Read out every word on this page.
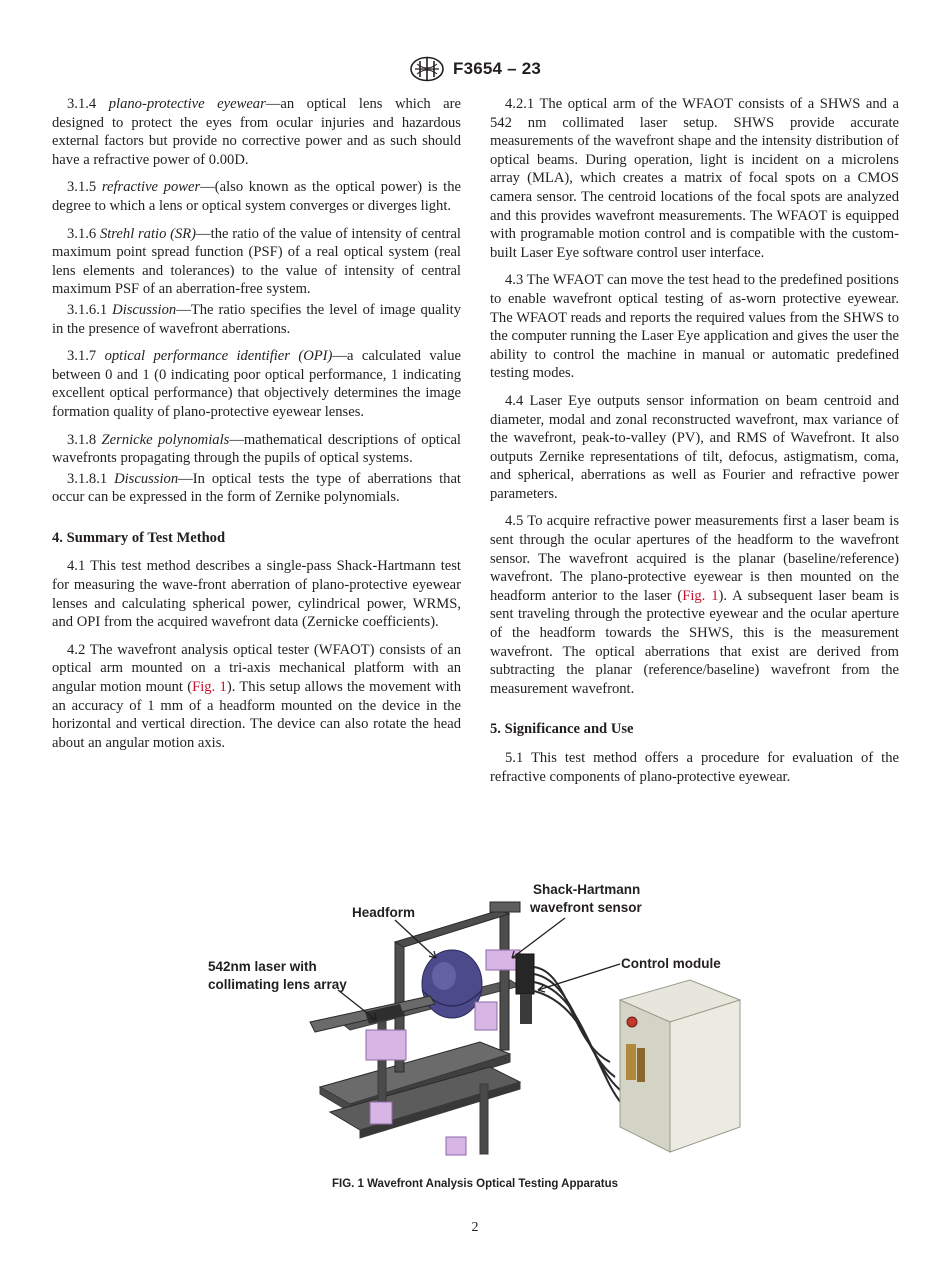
F3654 – 23

3.1.4 plano-protective eyewear—an optical lens which are designed to protect the eyes from ocular injuries and hazardous external factors but provide no corrective power and as such should have a refractive power of 0.00D.

3.1.5 refractive power—(also known as the optical power) is the degree to which a lens or optical system converges or diverges light.

3.1.6 Strehl ratio (SR)—the ratio of the value of intensity of central maximum point spread function (PSF) of a real optical system (real lens elements and tolerances) to the value of intensity of central maximum PSF of an aberration-free system.

3.1.6.1 Discussion—The ratio specifies the level of image quality in the presence of wavefront aberrations.

3.1.7 optical performance identifier (OPI)—a calculated value between 0 and 1 (0 indicating poor optical performance, 1 indicating excellent optical performance) that objectively determines the image formation quality of plano-protective eyewear lenses.

3.1.8 Zernicke polynomials—mathematical descriptions of optical wavefronts propagating through the pupils of optical systems.

3.1.8.1 Discussion—In optical tests the type of aberrations that occur can be expressed in the form of Zernike polynomials.

4. Summary of Test Method

4.1 This test method describes a single-pass Shack-Hartmann test for measuring the wave-front aberration of plano-protective eyewear lenses and calculating spherical power, cylindrical power, WRMS, and OPI from the acquired wavefront data (Zernicke coefficients).

4.2 The wavefront analysis optical tester (WFAOT) consists of an optical arm mounted on a tri-axis mechanical platform with an angular motion mount (Fig. 1). This setup allows the movement with an accuracy of 1 mm of a headform mounted on the device in the horizontal and vertical direction. The device can also rotate the head about an angular motion axis.

4.2.1 The optical arm of the WFAOT consists of a SHWS and a 542 nm collimated laser setup. SHWS provide accurate measurements of the wavefront shape and the intensity distribution of optical beams. During operation, light is incident on a microlens array (MLA), which creates a matrix of focal spots on a CMOS camera sensor. The centroid locations of the focal spots are analyzed and this provides wavefront measurements. The WFAOT is equipped with programable motion control and is compatible with the custom-built Laser Eye software control user interface.

4.3 The WFAOT can move the test head to the predefined positions to enable wavefront optical testing of as-worn protective eyewear. The WFAOT reads and reports the required values from the SHWS to the computer running the Laser Eye application and gives the user the ability to control the machine in manual or automatic predefined testing modes.

4.4 Laser Eye outputs sensor information on beam centroid and diameter, modal and zonal reconstructed wavefront, max variance of the wavefront, peak-to-valley (PV), and RMS of Wavefront. It also outputs Zernike representations of tilt, defocus, astigmatism, coma, and spherical, aberrations as well as Fourier and refractive power parameters.

4.5 To acquire refractive power measurements first a laser beam is sent through the ocular apertures of the headform to the wavefront sensor. The wavefront acquired is the planar (baseline/reference) wavefront. The plano-protective eyewear is then mounted on the headform anterior to the laser (Fig. 1). A subsequent laser beam is sent traveling through the protective eyewear and the ocular aperture of the headform towards the SHWS, this is the measurement wavefront. The optical aberrations that exist are derived from subtracting the planar (reference/baseline) wavefront from the measurement wavefront.

5. Significance and Use

5.1 This test method offers a procedure for evaluation of the refractive components of plano-protective eyewear.

Headform
Shack-Hartmann
wavefront sensor
542nm laser with
collimating lens array
Control module
FIG. 1 Wavefront Analysis Optical Testing Apparatus
2
